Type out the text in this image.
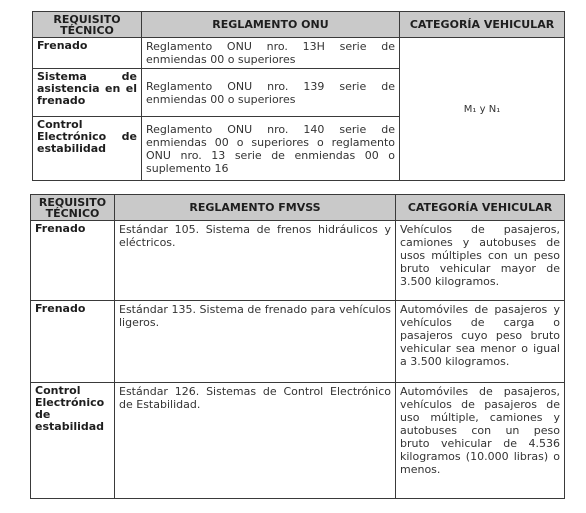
REQUISITO TÉCNICO	REGLAMENTO ONU	CATEGORÍA VEHICULAR
Frenado	Reglamento ONU nro. 13H serie de enmiendas 00 o superiores	M₁ y N₁
Sistema de asistencia en el frenado	Reglamento ONU nro. 139 serie de enmiendas 00 o superiores	
Control Electrónico de estabilidad	Reglamento ONU nro. 140 serie de enmiendas 00 o superiores o reglamento ONU nro. 13 serie de enmiendas 00 o suplemento 16	
REQUISITO TÉCNICO	REGLAMENTO FMVSS	CATEGORÍA VEHICULAR
Frenado	Estándar 105. Sistema de frenos hidráulicos y eléctricos.	Vehículos de pasajeros, camiones y autobuses de usos múltiples con un peso bruto vehicular mayor de 3.500 kilogramos.
Frenado	Estándar 135. Sistema de frenado para vehículos ligeros.	Automóviles de pasajeros y vehículos de carga o pasajeros cuyo peso bruto vehicular sea menor o igual a 3.500 kilogramos.
Control Electrónico de estabilidad	Estándar 126. Sistemas de Control Electrónico de Estabilidad.	Automóviles de pasajeros, vehículos de pasajeros de uso múltiple, camiones y autobuses con un peso bruto vehicular de 4.536 kilogramos (10.000 libras) o menos.
